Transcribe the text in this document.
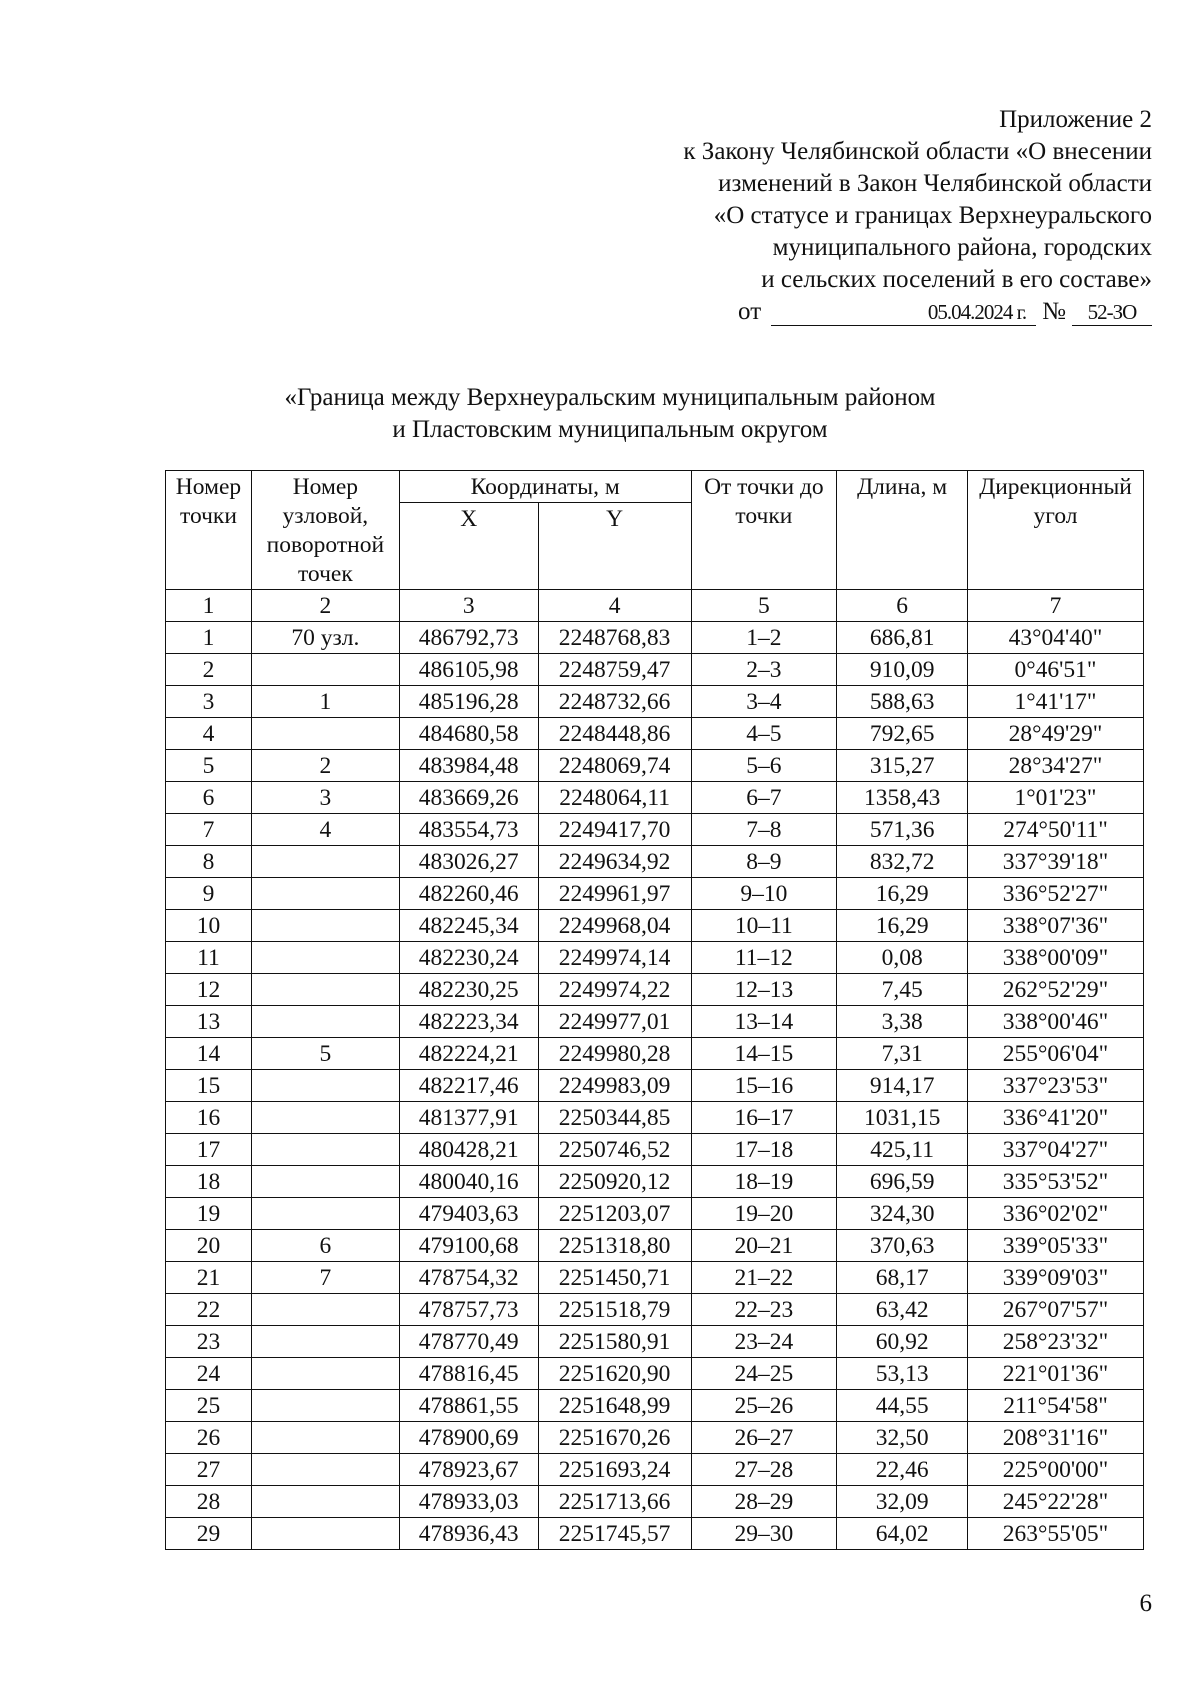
Приложение 2
к Закону Челябинской области «О внесении
изменений в Закон Челябинской области
«О статусе и границах Верхнеуральского
муниципального района, городских
и сельских поселений в его составе»
от	05.04.2024 г. № 52-ЗО
«Граница между Верхнеуральским муниципальным районом
и Пластовским муниципальным округом
Номер точки	Номер узловой, поворотной точек	Координаты, м		От точки до точки	Длина, м	Дирекционный угол
		X	Y			
1	2	3	4	5	6	7
1	70 узл.	486792,73	2248768,83	1–2	686,81	43°04'40"
2		486105,98	2248759,47	2–3	910,09	0°46'51"
3	1	485196,28	2248732,66	3–4	588,63	1°41'17"
4		484680,58	2248448,86	4–5	792,65	28°49'29"
5	2	483984,48	2248069,74	5–6	315,27	28°34'27"
6	3	483669,26	2248064,11	6–7	1358,43	1°01'23"
7	4	483554,73	2249417,70	7–8	571,36	274°50'11"
8		483026,27	2249634,92	8–9	832,72	337°39'18"
9		482260,46	2249961,97	9–10	16,29	336°52'27"
10		482245,34	2249968,04	10–11	16,29	338°07'36"
11		482230,24	2249974,14	11–12	0,08	338°00'09"
12		482230,25	2249974,22	12–13	7,45	262°52'29"
13		482223,34	2249977,01	13–14	3,38	338°00'46"
14	5	482224,21	2249980,28	14–15	7,31	255°06'04"
15		482217,46	2249983,09	15–16	914,17	337°23'53"
16		481377,91	2250344,85	16–17	1031,15	336°41'20"
17		480428,21	2250746,52	17–18	425,11	337°04'27"
18		480040,16	2250920,12	18–19	696,59	335°53'52"
19		479403,63	2251203,07	19–20	324,30	336°02'02"
20	6	479100,68	2251318,80	20–21	370,63	339°05'33"
21	7	478754,32	2251450,71	21–22	68,17	339°09'03"
22		478757,73	2251518,79	22–23	63,42	267°07'57"
23		478770,49	2251580,91	23–24	60,92	258°23'32"
24		478816,45	2251620,90	24–25	53,13	221°01'36"
25		478861,55	2251648,99	25–26	44,55	211°54'58"
26		478900,69	2251670,26	26–27	32,50	208°31'16"
27		478923,67	2251693,24	27–28	22,46	225°00'00"
28		478933,03	2251713,66	28–29	32,09	245°22'28"
29		478936,43	2251745,57	29–30	64,02	263°55'05"
6
